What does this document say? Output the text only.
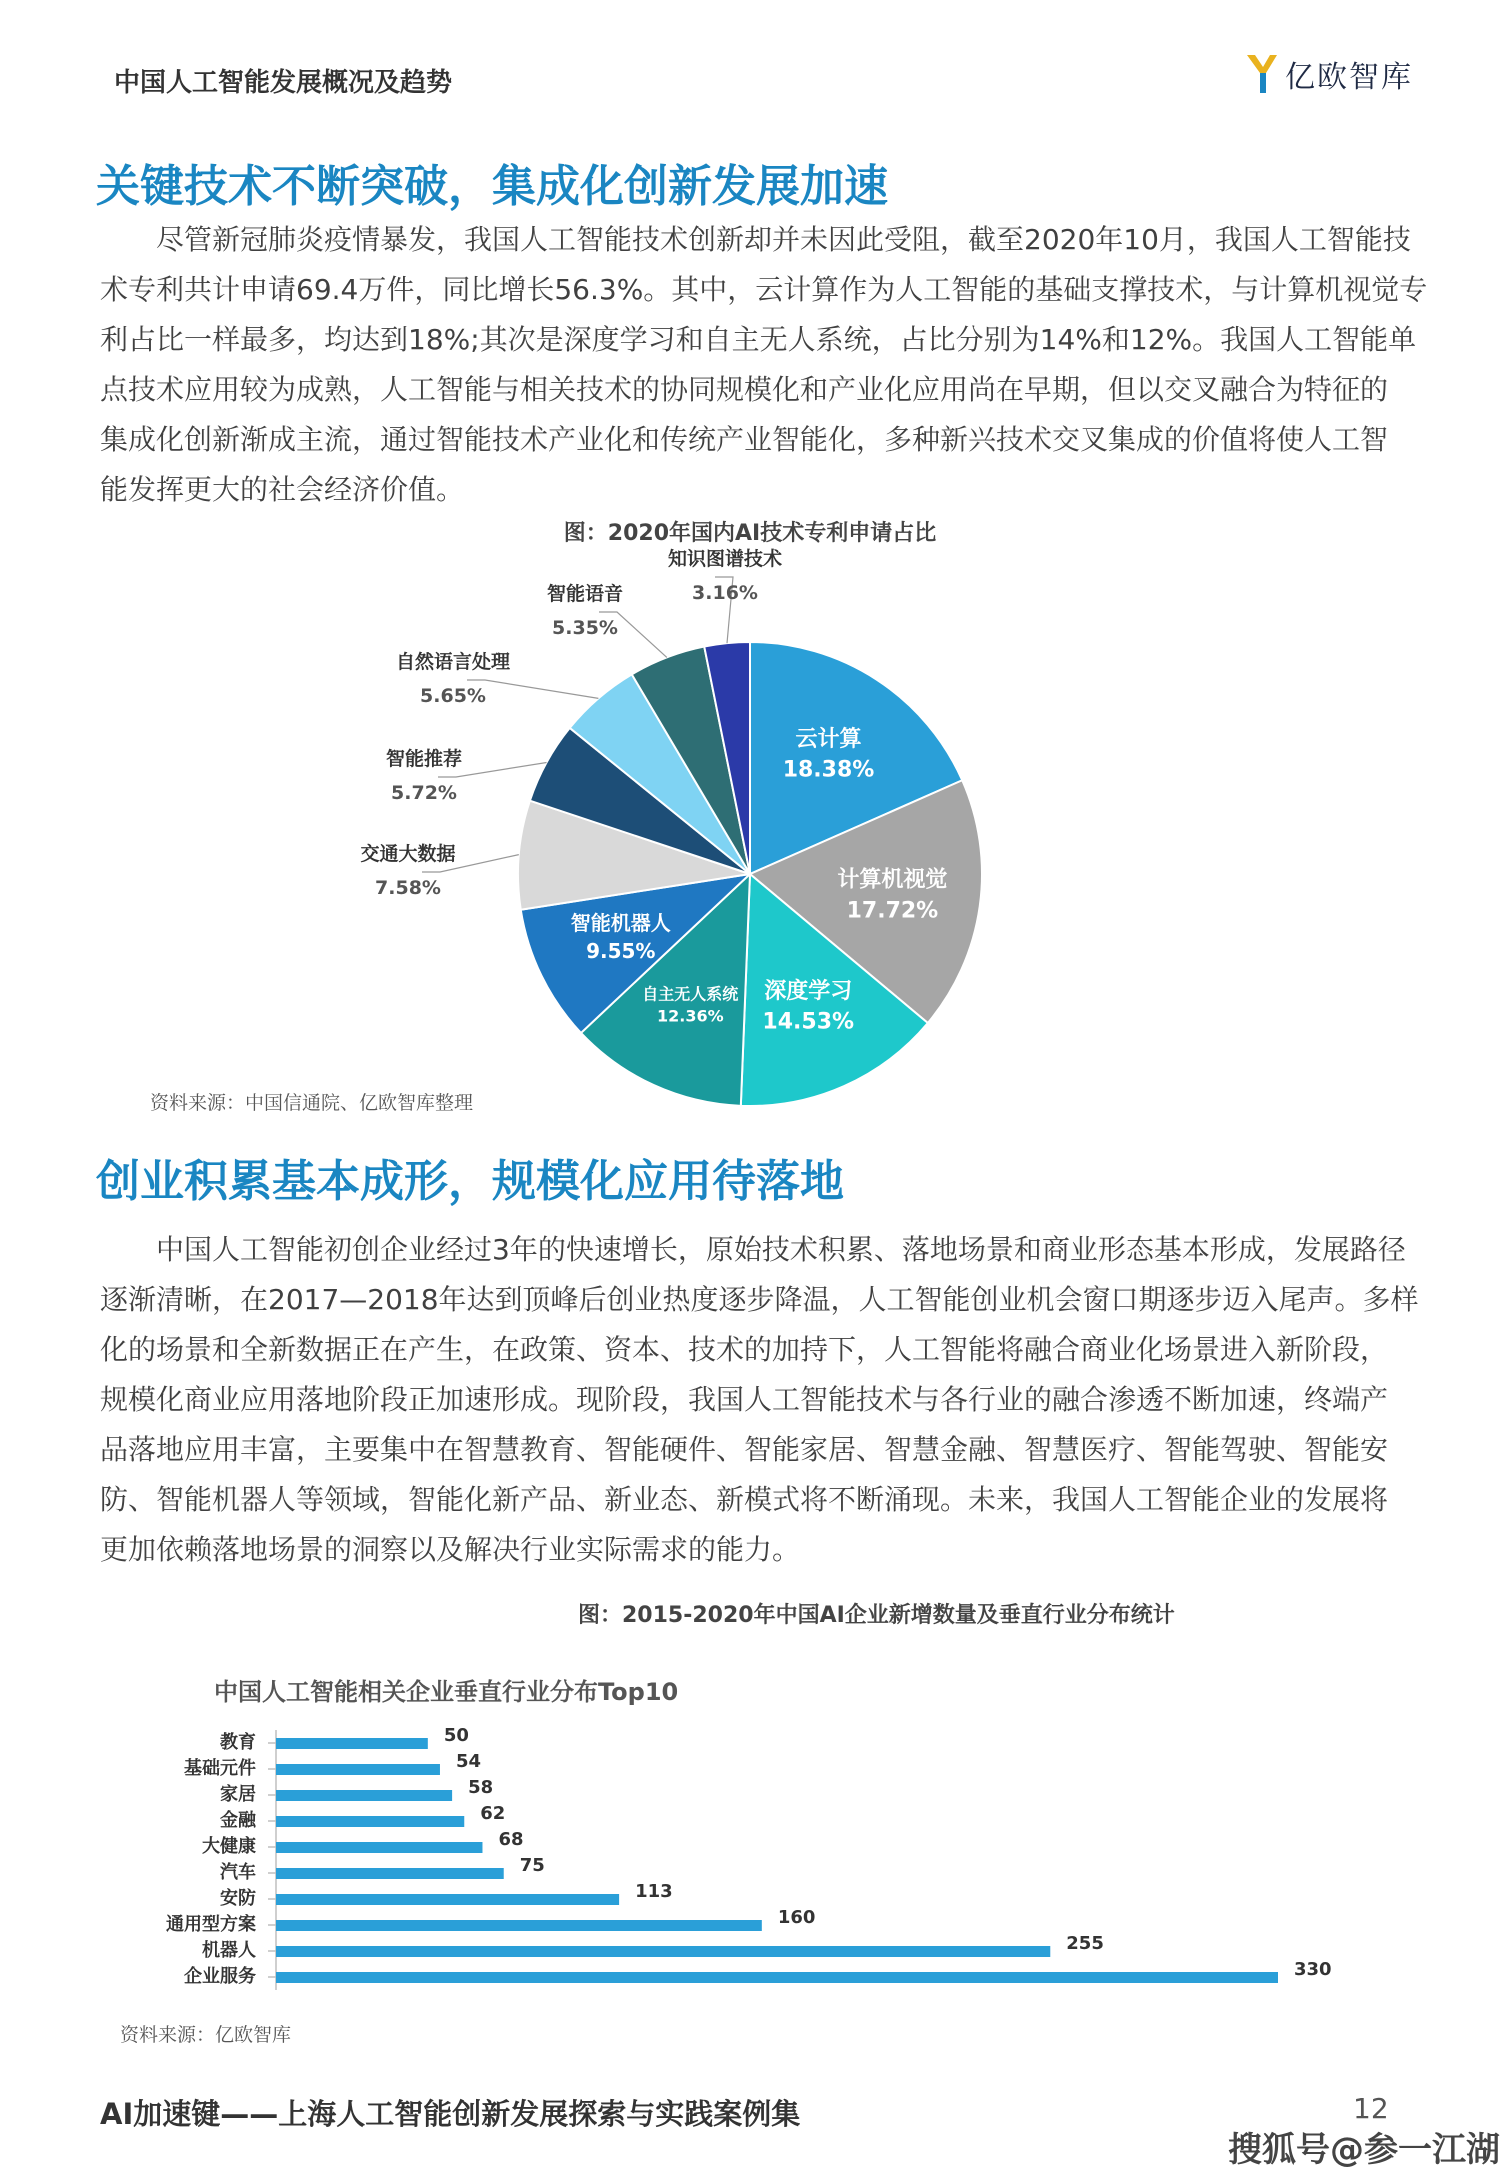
中国人工智能发展概况及趋势	亿欧智库
关键技术不断突破，集成化创新发展加速
尽管新冠肺炎疫情暴发，我国人工智能技术创新却并未因此受阻，截至2020年10月，我国人工智能技
术专利共计申请69.4万件，同比增长56.3%。其中，云计算作为人工智能的基础支撑技术，与计算机视觉专
利占比一样最多，均达到18%;其次是深度学习和自主无人系统，占比分别为14%和12%。我国人工智能单
点技术应用较为成熟，人工智能与相关技术的协同规模化和产业化应用尚在早期，但以交叉融合为特征的
集成化创新渐成主流，通过智能技术产业化和传统产业智能化，多种新兴技术交叉集成的价值将使人工智
能发挥更大的社会经济价值。
图：2020年国内AI技术专利申请占比
云计算
18.38%
计算机视觉
17.72%
深度学习
14.53%
自主无人系统
12.36%
智能机器人
9.55%
交通大数据
7.58%
智能推荐
5.72%
自然语言处理
5.65%
智能语音
5.35%
知识图谱技术
3.16%
资料来源：中国信通院、亿欧智库整理
创业积累基本成形，规模化应用待落地
中国人工智能初创企业经过3年的快速增长，原始技术积累、落地场景和商业形态基本形成，发展路径
逐渐清晰，在2017—2018年达到顶峰后创业热度逐步降温，人工智能创业机会窗口期逐步迈入尾声。多样
化的场景和全新数据正在产生，在政策、资本、技术的加持下，人工智能将融合商业化场景进入新阶段，
规模化商业应用落地阶段正加速形成。现阶段，我国人工智能技术与各行业的融合渗透不断加速，终端产
品落地应用丰富，主要集中在智慧教育、智能硬件、智能家居、智慧金融、智慧医疗、智能驾驶、智能安
防、智能机器人等领域，智能化新产品、新业态、新模式将不断涌现。未来，我国人工智能企业的发展将
更加依赖落地场景的洞察以及解决行业实际需求的能力。
图：2015-2020年中国AI企业新增数量及垂直行业分布统计
中国人工智能相关企业垂直行业分布Top10
教育	50
基础元件	54
家居	58
金融	62
大健康	68
汽车	75
安防	113
通用型方案	160
机器人	255
企业服务	330
资料来源：亿欧智库
AI加速键——上海人工智能创新发展探索与实践案例集	12
搜狐号@参一江湖
